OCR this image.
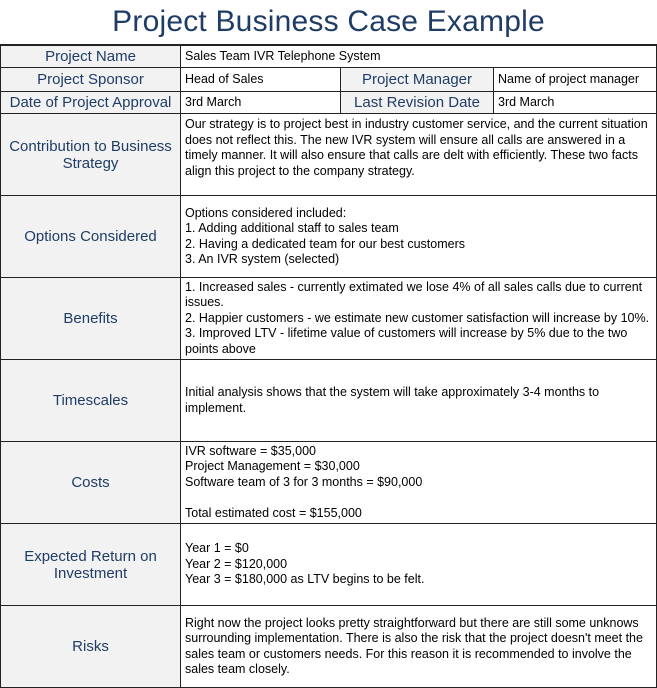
Project Business Case Example
Project Name	Sales Team IVR Telephone System		
Project Sponsor	Head of Sales	Project Manager	Name of project manager
Date of Project Approval	3rd March	Last Revision Date	3rd March
Contribution to Business Strategy	Our strategy is to project best in industry customer service, and the current situation does not reflect this. The new IVR system will ensure all calls are answered in a timely manner. It will also ensure that calls are delt with efficiently. These two facts align this project to the company strategy.		
Options Considered	Options considered included:
1. Adding additional staff to sales team
2. Having a dedicated team for our best customers
3. An IVR system (selected)		

Benefits	1. Increased sales - currently extimated we lose 4% of all sales calls due to current issues.
2. Happier customers - we estimate new customer satisfaction will increase by 10%.
3. Improved LTV - lifetime value of customers will increase by 5% due to the two points above		

Timescales	Initial analysis shows that the system will take approximately 3-4 months to implement.		
Costs	IVR software = $35,000
Project Management = $30,000
Software team of 3 for 3 months = $90,000
Total estimated cost = $155,000		

Expected Return on Investment	Year 1 = $0
Year 2 = $120,000
Year 3 = $180,000 as LTV begins to be felt.		

Risks	Right now the project looks pretty straightforward but there are still some unknows surrounding implementation. There is also the risk that the project doesn't meet the sales team or customers needs. For this reason it is recommended to involve the sales team closely.		
